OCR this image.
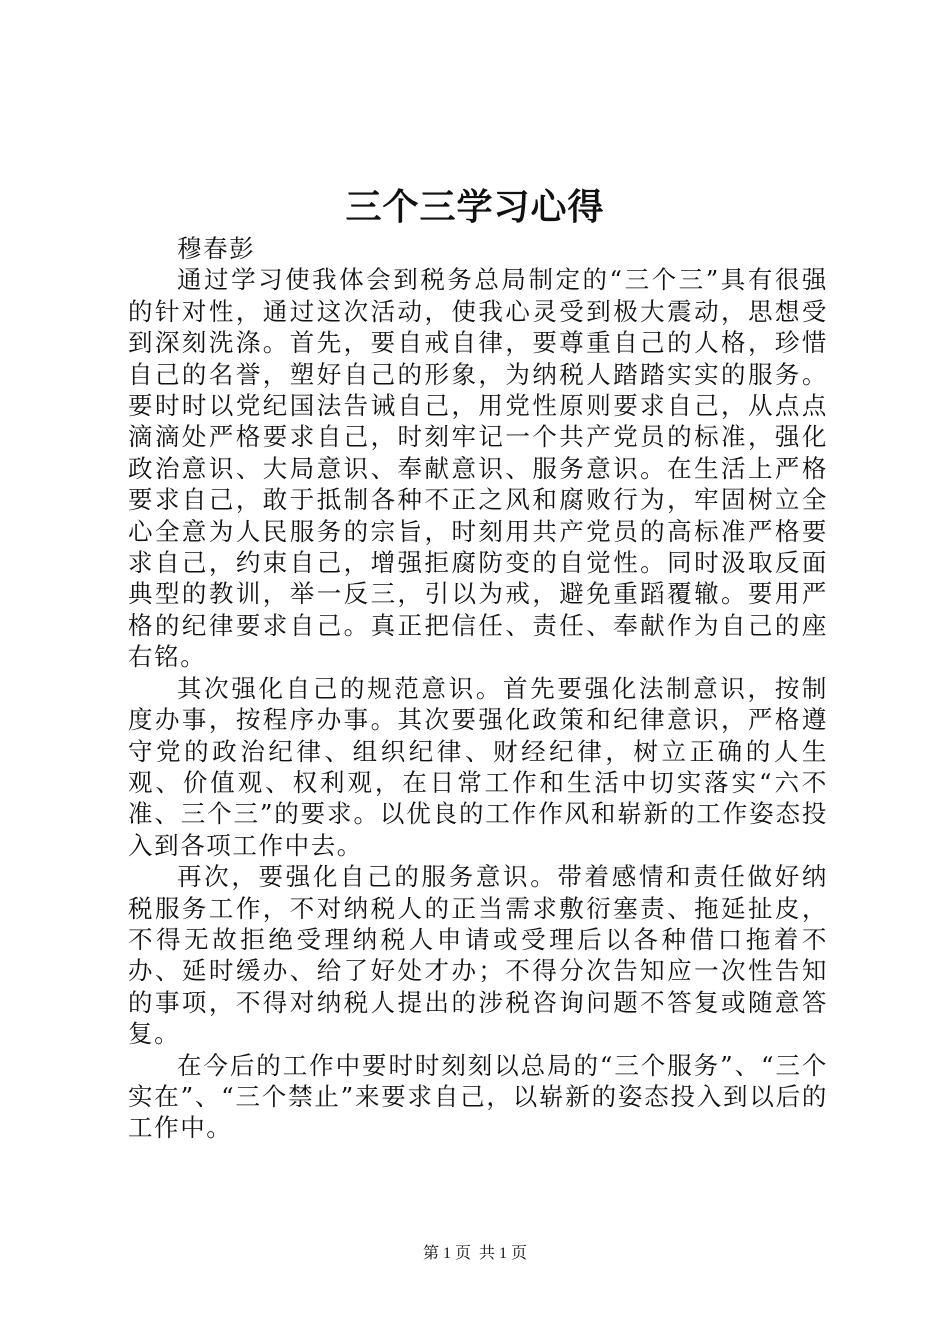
三个三学习心得
穆春彭

通过学习使我体会到税务总局制定的“三个三”具有很强的针对性，通过这次活动，使我心灵受到极大震动，思想受到深刻洗涤。首先，要自戒自律，要尊重自己的人格，珍惜自己的名誉，塑好自己的形象，为纳税人踏踏实实的服务。要时时以党纪国法告诫自己，用党性原则要求自己，从点点滴滴处严格要求自己，时刻牢记一个共产党员的标准，强化政治意识、大局意识、奉献意识、服务意识。在生活上严格要求自己，敢于抵制各种不正之风和腐败行为，牢固树立全心全意为人民服务的宗旨，时刻用共产党员的高标准严格要求自己，约束自己，增强拒腐防变的自觉性。同时汲取反面典型的教训，举一反三，引以为戒，避免重蹈覆辙。要用严格的纪律要求自己。真正把信任、责任、奉献作为自己的座右铭。

其次强化自己的规范意识。首先要强化法制意识，按制度办事，按程序办事。其次要强化政策和纪律意识，严格遵守党的政治纪律、组织纪律、财经纪律，树立正确的人生观、价值观、权利观，在日常工作和生活中切实落实“六不准、三个三”的要求。以优良的工作作风和崭新的工作姿态投入到各项工作中去。

再次，要强化自己的服务意识。带着感情和责任做好纳税服务工作，不对纳税人的正当需求敷衍塞责、拖延扯皮，不得无故拒绝受理纳税人申请或受理后以各种借口拖着不办、延时缓办、给了好处才办；不得分次告知应一次性告知的事项，不得对纳税人提出的涉税咨询问题不答复或随意答复。

在今后的工作中要时时刻刻以总局的“三个服务”、“三个实在”、“三个禁止”来要求自己，以崭新的姿态投入到以后的工作中。

第 1 页 共 1 页
